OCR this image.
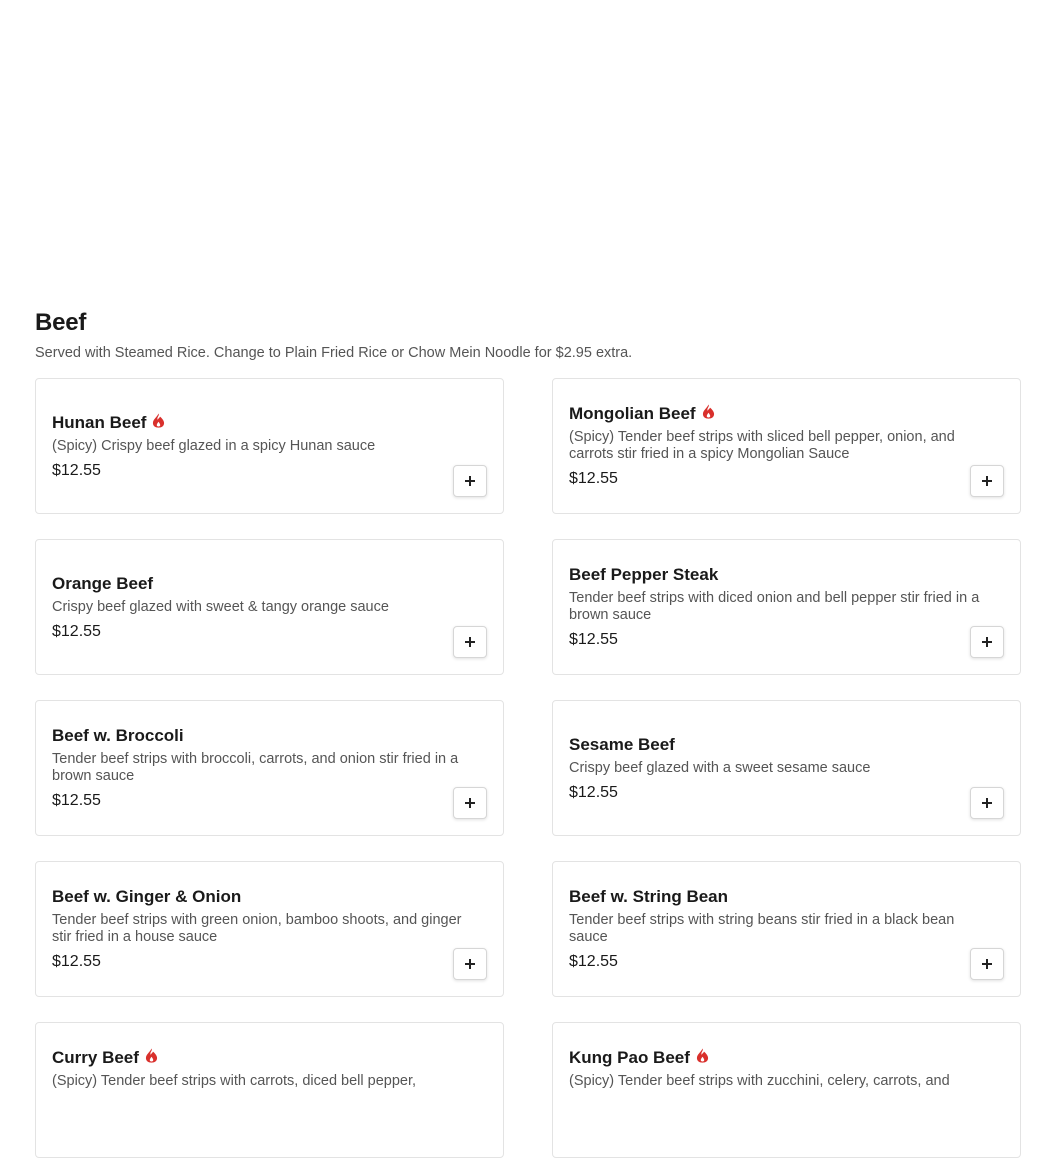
Beef
Served with Steamed Rice. Change to Plain Fried Rice or Chow Mein Noodle for $2.95 extra.
Hunan Beef
(Spicy) Crispy beef glazed in a spicy Hunan sauce
$12.55
Mongolian Beef
(Spicy) Tender beef strips with sliced bell pepper, onion, and carrots stir fried in a spicy Mongolian Sauce
$12.55
Orange Beef
Crispy beef glazed with sweet & tangy orange sauce
$12.55
Beef Pepper Steak
Tender beef strips with diced onion and bell pepper stir fried in a brown sauce
$12.55
Beef w. Broccoli
Tender beef strips with broccoli, carrots, and onion stir fried in a brown sauce
$12.55
Sesame Beef
Crispy beef glazed with a sweet sesame sauce
$12.55
Beef w. Ginger & Onion
Tender beef strips with green onion, bamboo shoots, and ginger stir fried in a house sauce
$12.55
Beef w. String Bean
Tender beef strips with string beans stir fried in a black bean sauce
$12.55
Curry Beef
(Spicy) Tender beef strips with carrots, diced bell pepper,
Kung Pao Beef
(Spicy) Tender beef strips with zucchini, celery, carrots, and
